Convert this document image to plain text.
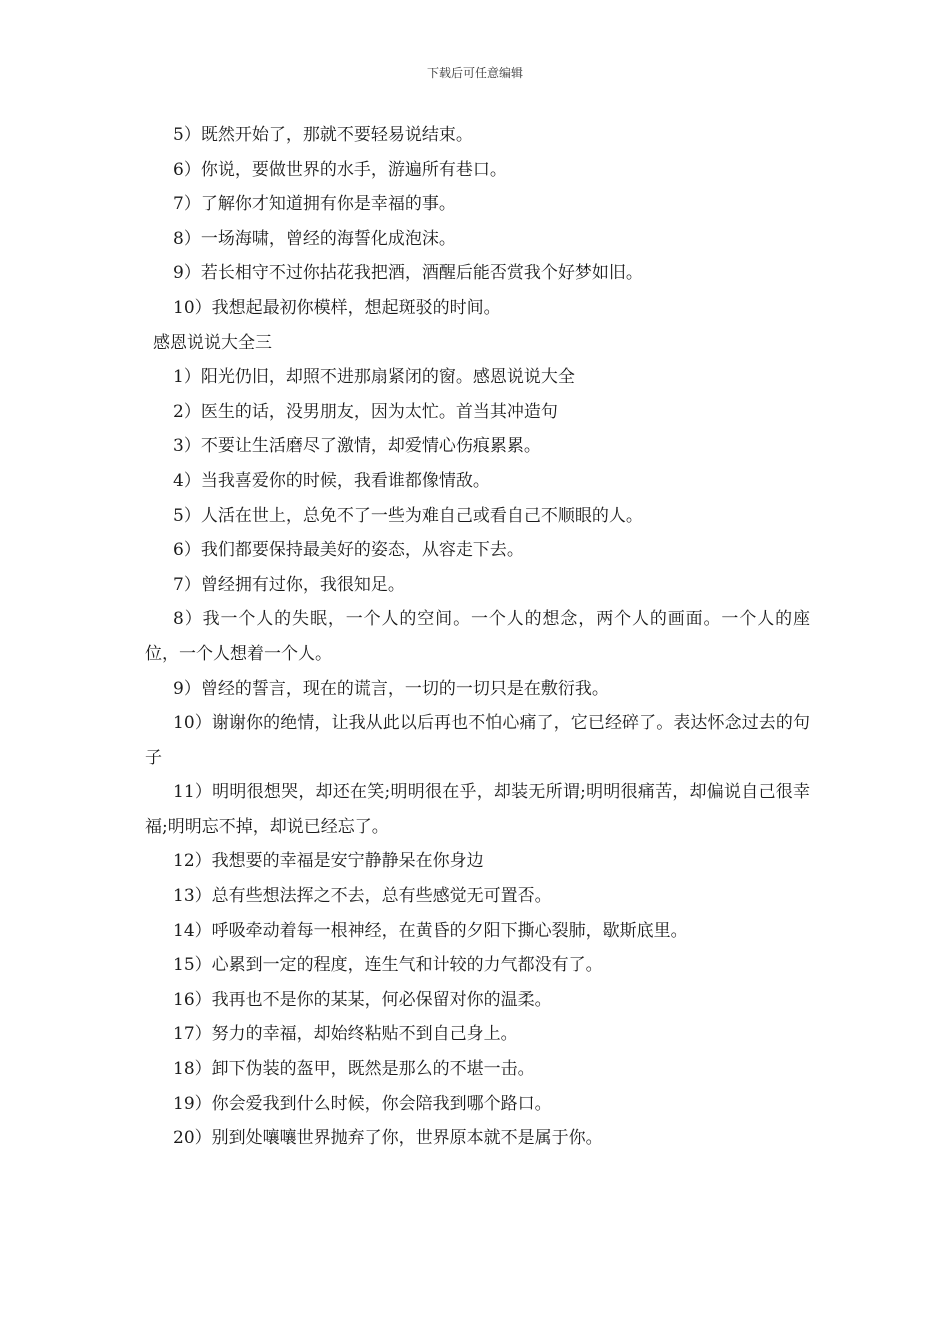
下载后可任意编辑

5）既然开始了，那就不要轻易说结束。

6）你说，要做世界的水手，游遍所有巷口。

7）了解你才知道拥有你是幸福的事。

8）一场海啸，曾经的海誓化成泡沫。

9）若长相守不过你拈花我把酒，酒醒后能否赏我个好梦如旧。

10）我想起最初你模样，想起斑驳的时间。

感恩说说大全三

1）阳光仍旧，却照不进那扇紧闭的窗。感恩说说大全

2）医生的话，没男朋友，因为太忙。首当其冲造句

3）不要让生活磨尽了激情，却爱情心伤痕累累。

4）当我喜爱你的时候，我看谁都像情敌。

5）人活在世上，总免不了一些为难自己或看自己不顺眼的人。

6）我们都要保持最美好的姿态，从容走下去。

7）曾经拥有过你，我很知足。

8）我一个人的失眠，一个人的空间。一个人的想念，两个人的画面。一个人的座位，一个人想着一个人。

9）曾经的誓言，现在的谎言，一切的一切只是在敷衍我。

10）谢谢你的绝情，让我从此以后再也不怕心痛了，它已经碎了。表达怀念过去的句子

11）明明很想哭，却还在笑;明明很在乎，却装无所谓;明明很痛苦，却偏说自己很幸福;明明忘不掉，却说已经忘了。

12）我想要的幸福是安宁静静呆在你身边

13）总有些想法挥之不去，总有些感觉无可置否。

14）呼吸牵动着每一根神经，在黄昏的夕阳下撕心裂肺，歇斯底里。

15）心累到一定的程度，连生气和计较的力气都没有了。

16）我再也不是你的某某，何必保留对你的温柔。

17）努力的幸福，却始终粘贴不到自己身上。

18）卸下伪装的盔甲，既然是那么的不堪一击。

19）你会爱我到什么时候，你会陪我到哪个路口。

20）别到处嚷嚷世界抛弃了你，世界原本就不是属于你。
